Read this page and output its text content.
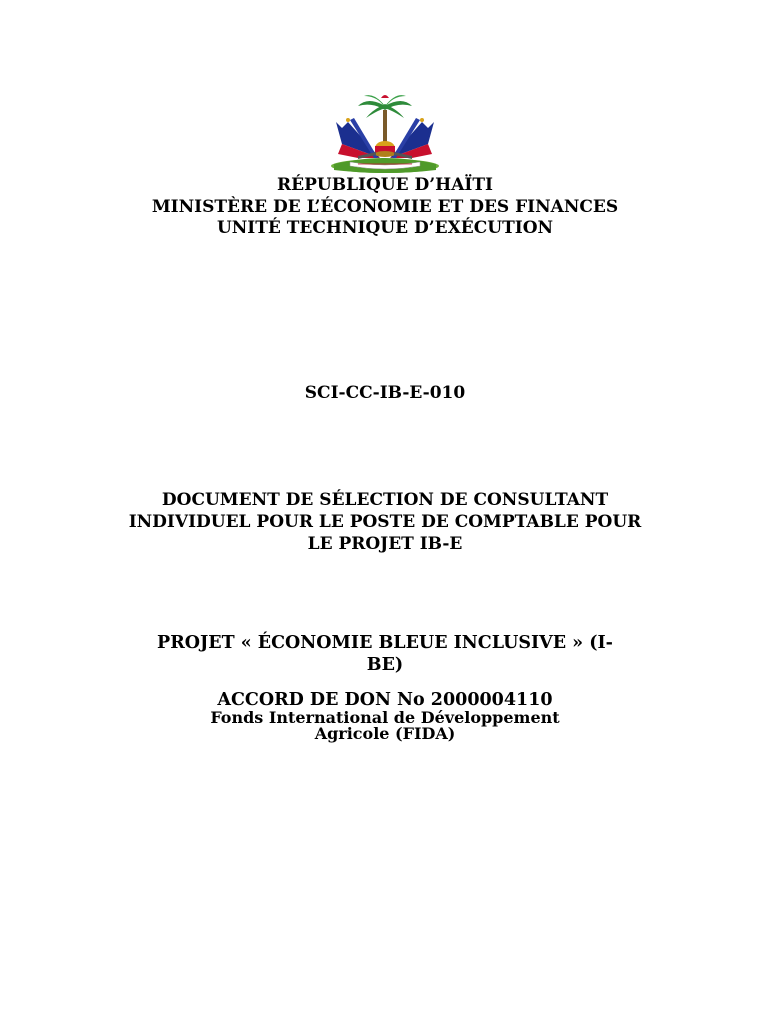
RÉPUBLIQUE D’HAÏTI
MINISTÈRE DE L’ÉCONOMIE ET DES FINANCES
UNITÉ TECHNIQUE D’EXÉCUTION
SCI-CC-IB-E-010
DOCUMENT DE SÉLECTION DE CONSULTANT
INDIVIDUEL POUR LE POSTE DE COMPTABLE POUR
LE PROJET IB-E
PROJET « ÉCONOMIE BLEUE INCLUSIVE » (I-
BE)
ACCORD DE DON No 2000004110
Fonds International de Développement
Agricole (FIDA)
